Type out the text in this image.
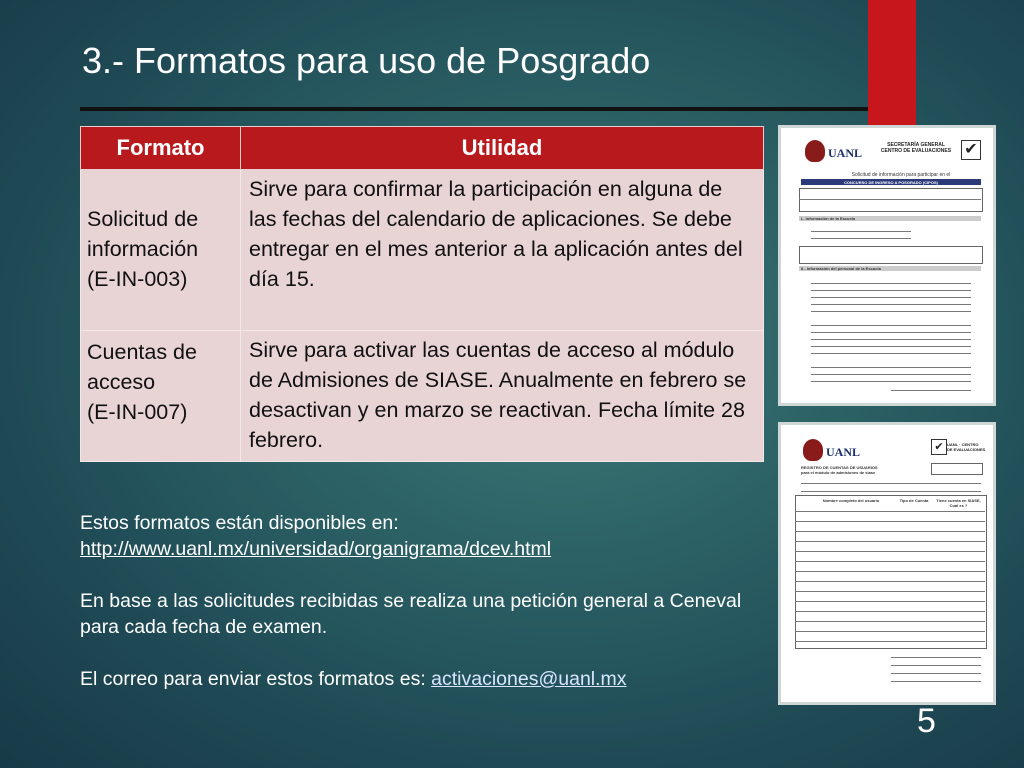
3.- Formatos para uso de Posgrado
Formato	Utilidad

Solicitud de
información
(E-IN-003)	Sirve para confirmar la participación en alguna de las fechas del calendario de aplicaciones. Se debe entregar en el mes anterior a la aplicación antes del día 15.

Cuentas de
acceso
(E-IN-007)	Sirve para activar las cuentas de acceso al módulo de Admisiones de SIASE. Anualmente en febrero se desactivan y en marzo se reactivan. Fecha límite 28 febrero.
UANL
SECRETARÍA GENERAL
CENTRO DE EVALUACIONES ✔
Solicitud de información para participar en el
CONCURSO DE INGRESO A POSGRADO (CIPOS)
I.- Información de la Escuela
II.- Información del personal de la Escuela
UANL	✔ UANL · CENTRO
DE EVALUACIONES
REGISTRO DE CUENTAS DE USUARIOS
para el módulo de admisiones de siase
Nombre completo del usuario	Tipo de Cuenta	Tiene cuenta en SIASE, Cuál es ?

Estos formatos están disponibles en:

http://www.uanl.mx/universidad/organigrama/dcev.html

En base a las solicitudes recibidas se realiza una petición general a Ceneval para cada fecha de examen.

El correo para enviar estos formatos es: activaciones@uanl.mx

5
